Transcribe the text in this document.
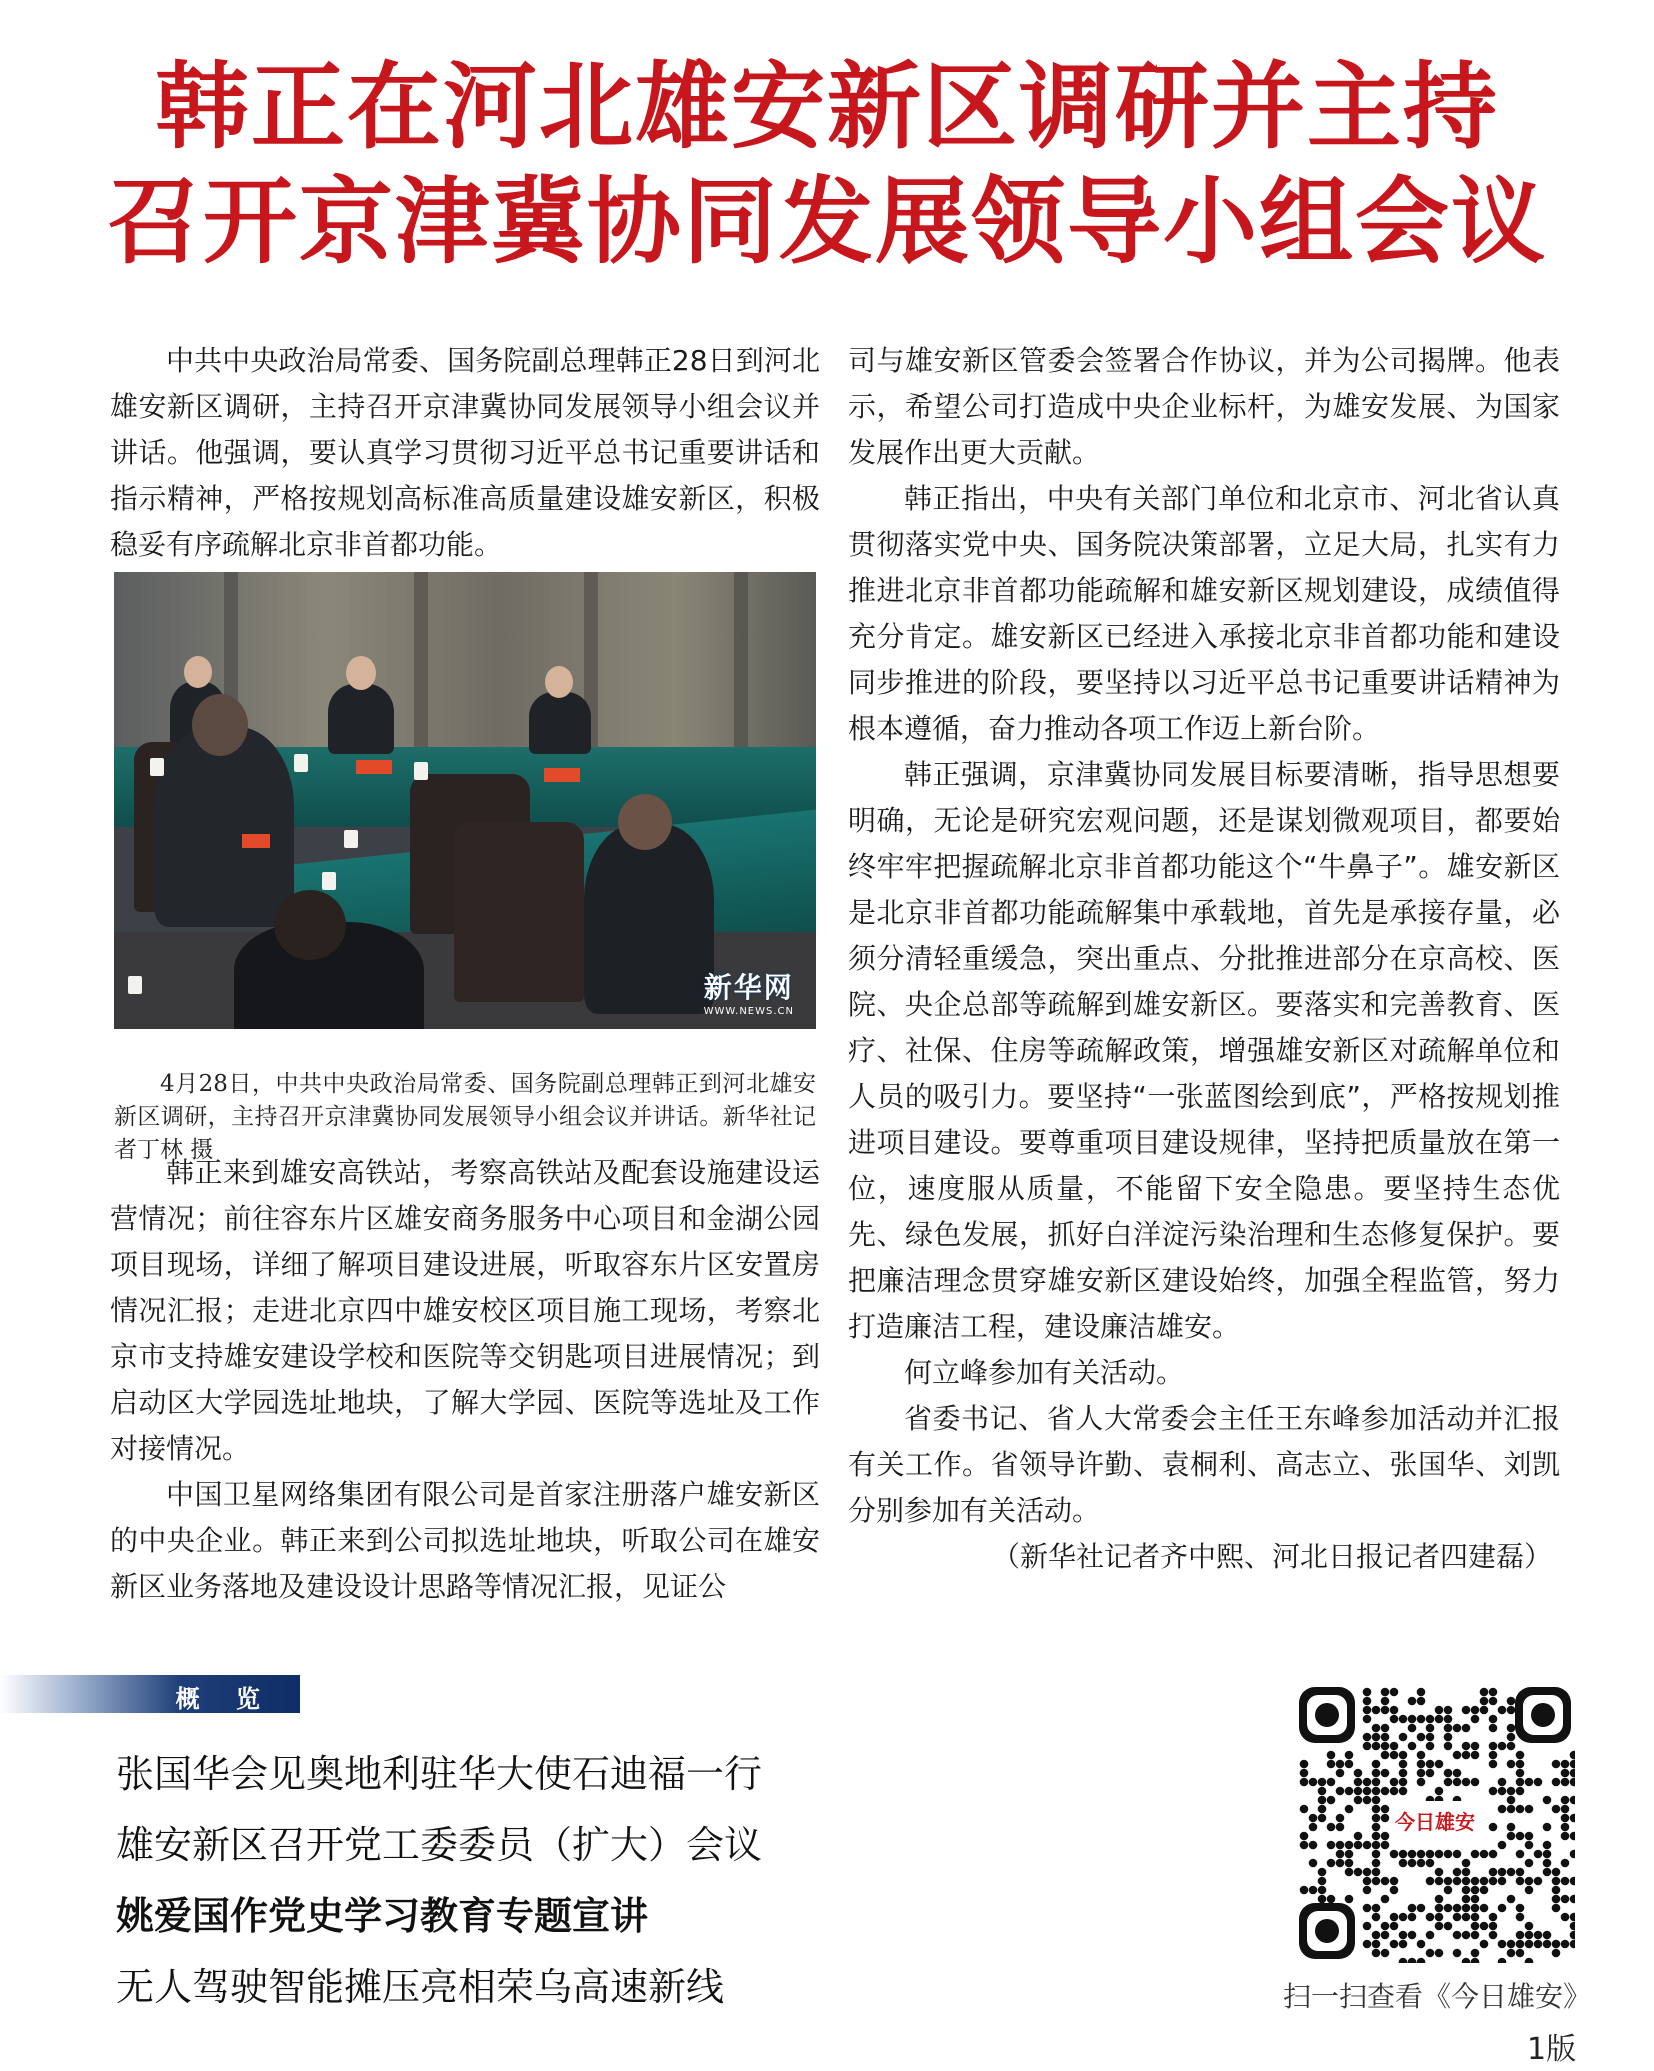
韩正在河北雄安新区调研并主持
召开京津冀协同发展领导小组会议

中共中央政治局常委、国务院副总理韩正28日到河北雄安新区调研，主持召开京津冀协同发展领导小组会议并讲话。他强调，要认真学习贯彻习近平总书记重要讲话和指示精神，严格按规划高标准高质量建设雄安新区，积极稳妥有序疏解北京非首都功能。

新华网
WWW.NEWS.CN

4月28日，中共中央政治局常委、国务院副总理韩正到河北雄安新区调研，主持召开京津冀协同发展领导小组会议并讲话。新华社记者丁林 摄

韩正来到雄安高铁站，考察高铁站及配套设施建设运营情况；前往容东片区雄安商务服务中心项目和金湖公园项目现场，详细了解项目建设进展，听取容东片区安置房情况汇报；走进北京四中雄安校区项目施工现场，考察北京市支持雄安建设学校和医院等交钥匙项目进展情况；到启动区大学园选址地块，了解大学园、医院等选址及工作对接情况。

中国卫星网络集团有限公司是首家注册落户雄安新区的中央企业。韩正来到公司拟选址地块，听取公司在雄安新区业务落地及建设设计思路等情况汇报，见证公

司与雄安新区管委会签署合作协议，并为公司揭牌。他表示，希望公司打造成中央企业标杆，为雄安发展、为国家发展作出更大贡献。

韩正指出，中央有关部门单位和北京市、河北省认真贯彻落实党中央、国务院决策部署，立足大局，扎实有力推进北京非首都功能疏解和雄安新区规划建设，成绩值得充分肯定。雄安新区已经进入承接北京非首都功能和建设同步推进的阶段，要坚持以习近平总书记重要讲话精神为根本遵循，奋力推动各项工作迈上新台阶。

韩正强调，京津冀协同发展目标要清晰，指导思想要明确，无论是研究宏观问题，还是谋划微观项目，都要始终牢牢把握疏解北京非首都功能这个“牛鼻子”。雄安新区是北京非首都功能疏解集中承载地，首先是承接存量，必须分清轻重缓急，突出重点、分批推进部分在京高校、医院、央企总部等疏解到雄安新区。要落实和完善教育、医疗、社保、住房等疏解政策，增强雄安新区对疏解单位和人员的吸引力。要坚持“一张蓝图绘到底”，严格按规划推进项目建设。要尊重项目建设规律，坚持把质量放在第一位，速度服从质量，不能留下安全隐患。要坚持生态优先、绿色发展，抓好白洋淀污染治理和生态修复保护。要把廉洁理念贯穿雄安新区建设始终，加强全程监管，努力打造廉洁工程，建设廉洁雄安。

何立峰参加有关活动。

省委书记、省人大常委会主任王东峰参加活动并汇报有关工作。省领导许勤、袁桐利、高志立、张国华、刘凯分别参加有关活动。

（新华社记者齐中熙、河北日报记者四建磊）

概 览

张国华会见奥地利驻华大使石迪福一行

雄安新区召开党工委委员（扩大）会议

姚爱国作党史学习教育专题宣讲

无人驾驶智能摊压亮相荣乌高速新线

今日雄安

扫一扫查看《今日雄安》

1版
